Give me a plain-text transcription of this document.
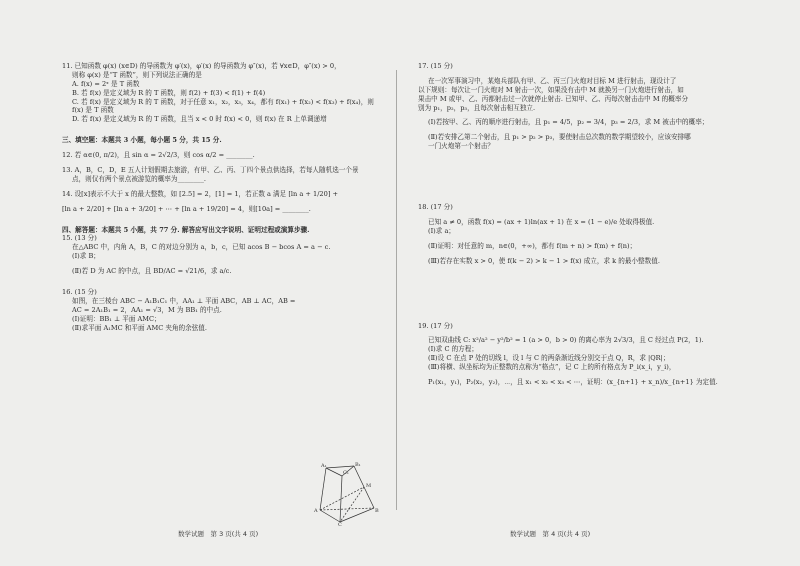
11. 已知函数 φ(x) (x∈D) 的导函数为 φ′(x)，φ′(x) 的导函数为 φ″(x)，若 ∀x∈D，φ″(x) > 0，

则称 φ(x) 是“T 函数”，则下列说法正确的是

A. f(x) = 2ˣ 是 T 函数

B. 若 f(x) 是定义域为 R 的 T 函数，则 f(2) + f(3) < f(1) + f(4)

C. 若 f(x) 是定义域为 R 的 T 函数，对于任意 x₁，x₂，x₃，x₄，都有 f(x₁) + f(x₂) < f(x₃) + f(x₄)，则

f(x) 是 T 函数

D. 若 f(x) 是定义域为 R 的 T 函数，且当 x < 0 时 f(x) < 0，则 f(x) 在 R 上单调递增

三、填空题：本题共 3 小题，每小题 5 分，共 15 分.

12. 若 α∈(0, π/2)，且 sin α = 2√2/3，则 cos α/2 = ________.

13. A，B，C，D，E 五人计划假期去旅游，有甲、乙、丙、丁四个景点供选择，若每人随机选一个景

点，则仅有两个景点被游览的概率为________.

14. 设[x]表示不大于 x 的最大整数，如 [2.5] = 2，[1] = 1，若正数 a 满足 [ln a + 1/20] +

[ln a + 2/20] + [ln a + 3/20] + ⋯ + [ln a + 19/20] = 4，则[10a] = ________.

四、解答题：本题共 5 小题，共 77 分. 解答应写出文字说明、证明过程或演算步骤.

15. (13 分)

在△ABC 中，内角 A，B，C 的对边分别为 a，b，c，已知 acos B − bcos A = a − c.

(Ⅰ)求 B；

(Ⅱ)若 D 为 AC 的中点，且 BD/AC = √21/6，求 a/c.

16. (15 分)

如图，在三棱台 ABC − A₁B₁C₁ 中，AA₁ ⊥ 平面 ABC，AB ⊥ AC，AB =

AC = 2A₁B₁ = 2，AA₁ = √3，M 为 BB₁ 的中点.

(Ⅰ)证明：BB₁ ⊥ 平面 AMC；

(Ⅱ)求平面 A₁MC 和平面 AMC 夹角的余弦值.

A₁	B₁
C₁
A	B
C
M

17. (15 分)

在一次军事演习中，某炮兵部队有甲、乙、丙三门火炮对目标 M 进行射击，现设计了

以下规则：每次让一门火炮对 M 射击一次，如果没有击中 M 就换另一门火炮进行射击，如

果击中 M 或甲、乙、丙都射击过一次就停止射击. 已知甲、乙、丙每次射击击中 M 的概率分

别为 p₁，p₂，p₃，且每次射击相互独立.

(Ⅰ)若按甲、乙、丙的顺序进行射击，且 p₁ = 4/5，p₂ = 3/4，p₃ = 2/3，求 M 被击中的概率；

(Ⅱ)若安排乙第二个射击，且 p₁ > p₂ > p₃，要使射击总次数的数学期望较小，应该安排哪

一门火炮第一个射击？

18. (17 分)

已知 a ≠ 0，函数 f(x) = (ax + 1)ln(ax + 1) 在 x = (1 − e)/e 处取得极值.

(Ⅰ)求 a；

(Ⅱ)证明：对任意的 m，n∈(0，+∞)，都有 f(m + n) > f(m) + f(n)；

(Ⅲ)若存在实数 x > 0，使 f(k − 2) > k − 1 > f(x) 成立，求 k 的最小整数值.

19. (17 分)

已知双曲线 C: x²/a² − y²/b² = 1 (a > 0，b > 0) 的离心率为 2√3/3，且 C 经过点 P(2，1).

(Ⅰ)求 C 的方程；

(Ⅱ)设 C 在点 P 处的切线 l，设 l 与 C 的两条渐近线分别交于点 Q，R，求 |QR|；

(Ⅲ)将横、纵坐标均为正整数的点称为“格点”，记 C 上的所有格点为 P_i(x_i，y_i)，

P₁(x₁，y₁)，P₂(x₂，y₂)，⋯，且 x₁ < x₂ < x₃ < ⋯，证明：(x_{n+1} + x_n)/x_{n+1} 为定值.

数学试题　第 3 页(共 4 页)	数学试题　第 4 页(共 4 页)
